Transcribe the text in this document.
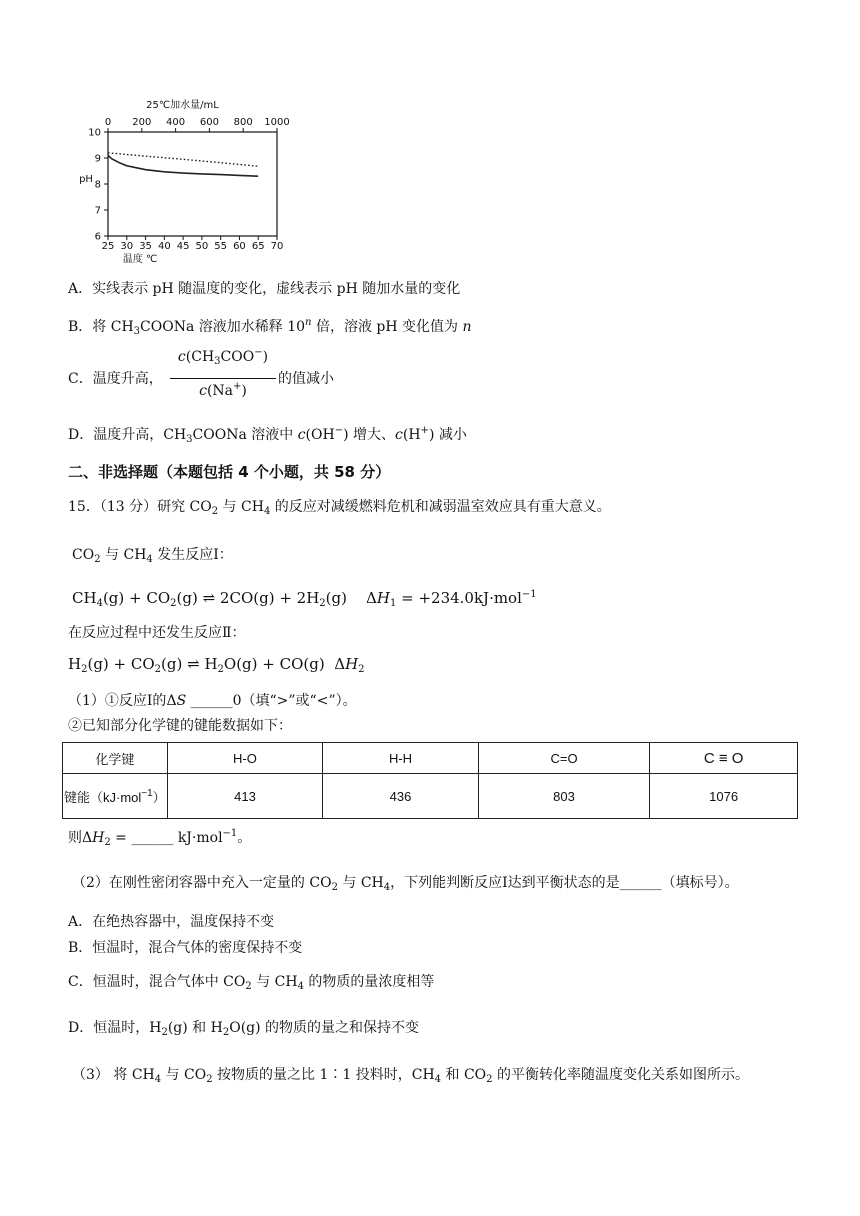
25℃加水量/mL
0 200 400 600 800 1000
25 30 35 40 45 50 55 60 65 70
温度 ℃
6
7
8
9
10
pH
A．实线表示 pH 随温度的变化，虚线表示 pH 随加水量的变化
B．将 $CH_3COONa$ 溶液加水稀释 10$^n$ 倍，溶液 pH 变化值为 n
C．温度升高，
$c(CH_3COO^-)$
c(Na+)
的值减小
D．温度升高，$CH_3COONa$ 溶液中 c(OH−) 增大、c(H+) 减小
二、非选择题（本题包括 4 个小题，共 58 分）
15．（13 分）研究 $CO_2$ 与 $CH_4$ 的反应对减缓燃料危机和减弱温室效应具有重大意义。
$CO_2$ 与 $CH_4$ 发生反应Ⅰ：
$CH_4(g) + CO_2(g)$ ⇌ $2CO(g) + 2H_2(g)$    $\Delta H_1 = +234.0kJ\cdot mol^{-1}$
在反应过程中还发生反应Ⅱ：
$H_2(g) + CO_2(g)$ ⇌ $H_2O(g) + CO(g)$  $\Delta H_2$
（1）①反应Ⅰ的ΔS ______0（填“>”或“<”）。
②已知部分化学键的键能数据如下：
化学键	H-O	H-H	C=O	C ≡ O
键能（kJ·mol$^{-1}$）	413	436	803	1076
则$\Delta H_2$ = ______ kJ·mol$^{-1}$。
（2）在刚性密闭容器中充入一定量的 $CO_2$ 与 $CH_4$，下列能判断反应Ⅰ达到平衡状态的是______（填标号）。
A．在绝热容器中，温度保持不变
B．恒温时，混合气体的密度保持不变
C．恒温时，混合气体中 $CO_2$ 与 $CH_4$ 的物质的量浓度相等
D．恒温时，$H_2(g)$ 和 $H_2O(g)$ 的物质的量之和保持不变
（3） 将 $CH_4$ 与 $CO_2$ 按物质的量之比 1∶1 投料时，$CH_4$ 和 $CO_2$ 的平衡转化率随温度变化关系如图所示。
